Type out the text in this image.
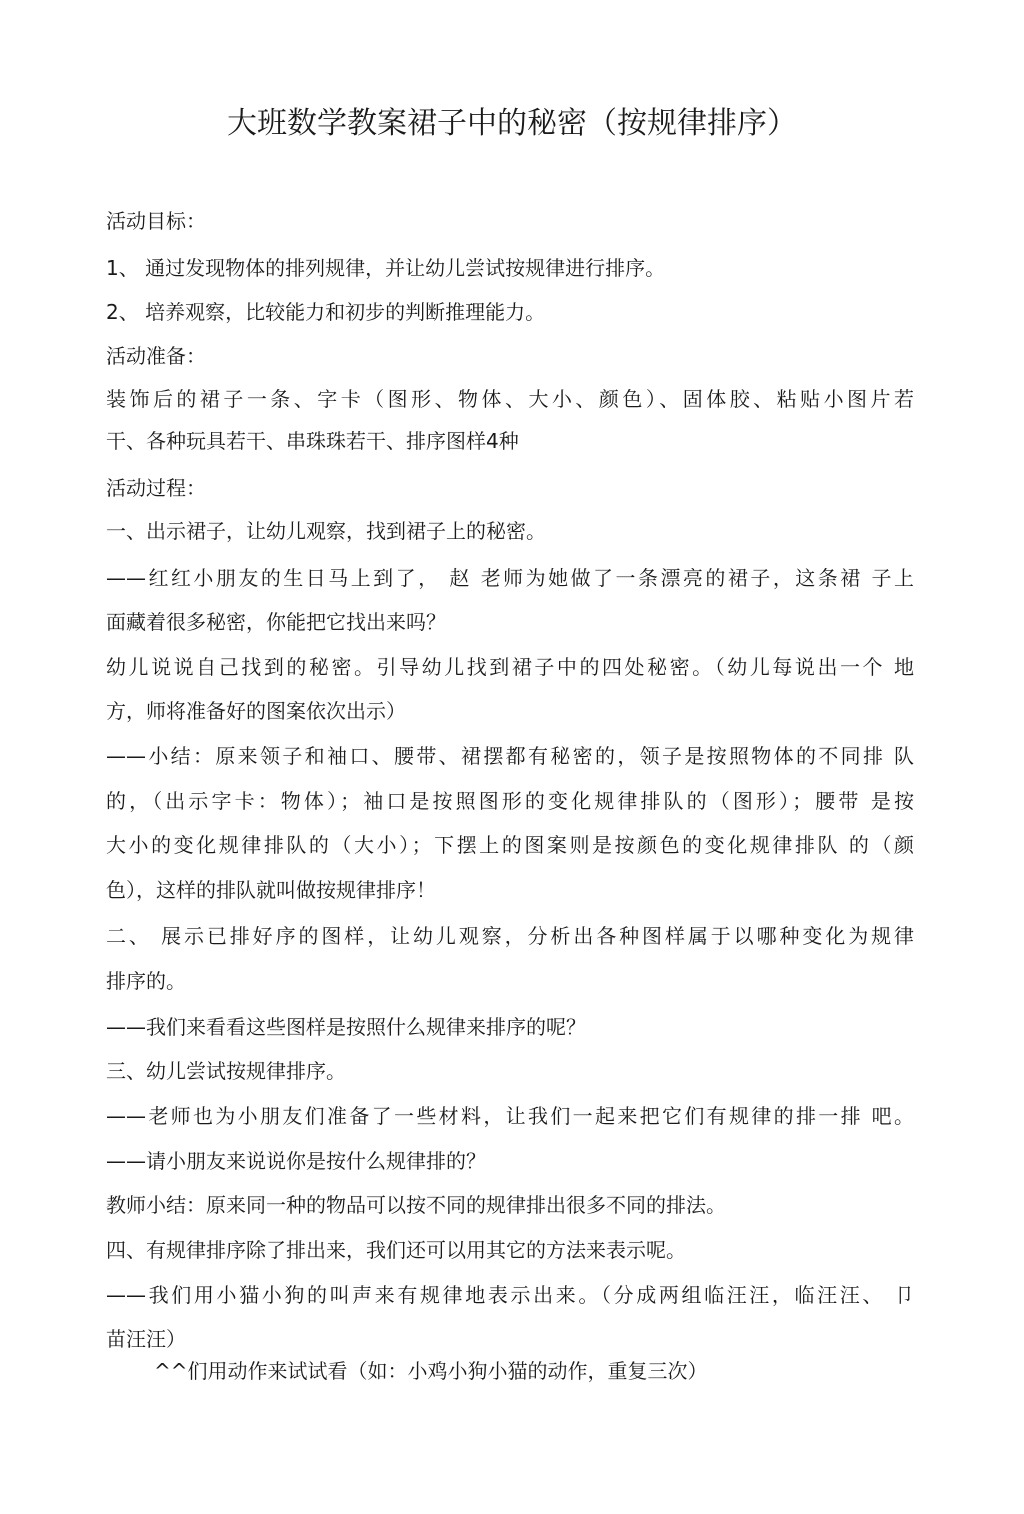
大班数学教案裙子中的秘密（按规律排序）
活动目标：
1、 通过发现物体的排列规律，并让幼儿尝试按规律进行排序。
2、 培养观察，比较能力和初步的判断推理能力。
活动准备：
装饰后的裙子一条、字卡（图形、物体、大小、颜色）、固体胶、粘贴小图片若
干、各种玩具若干、串珠珠若干、排序图样4种
活动过程：
一、出示裙子，让幼儿观察，找到裙子上的秘密。
——红红小朋友的生日马上到了， 赵 老师为她做了一条漂亮的裙子，这条裙 子上
面藏着很多秘密，你能把它找出来吗？
幼儿说说自己找到的秘密。引导幼儿找到裙子中的四处秘密。（幼儿每说出一个 地
方，师将准备好的图案依次出示）
——小结：原来领子和袖口、腰带、裙摆都有秘密的，领子是按照物体的不同排 队
的，（出示字卡：物体）；袖口是按照图形的变化规律排队的（图形）；腰带 是按
大小的变化规律排队的（大小）；下摆上的图案则是按颜色的变化规律排队 的（颜
色），这样的排队就叫做按规律排序！
二、 展示已排好序的图样，让幼儿观察，分析出各种图样属于以哪种变化为规律
排序的。
——我们来看看这些图样是按照什么规律来排序的呢？
三、幼儿尝试按规律排序。
——老师也为小朋友们准备了一些材料，让我们一起来把它们有规律的排一排 吧。
——请小朋友来说说你是按什么规律排的？
教师小结：原来同一种的物品可以按不同的规律排出很多不同的排法。
四、有规律排序除了排出来，我们还可以用其它的方法来表示呢。
——我们用小猫小狗的叫声来有规律地表示出来。（分成两组临汪汪，临汪汪、 卩
苗汪汪）
^^们用动作来试试看（如：小鸡小狗小猫的动作，重复三次）
